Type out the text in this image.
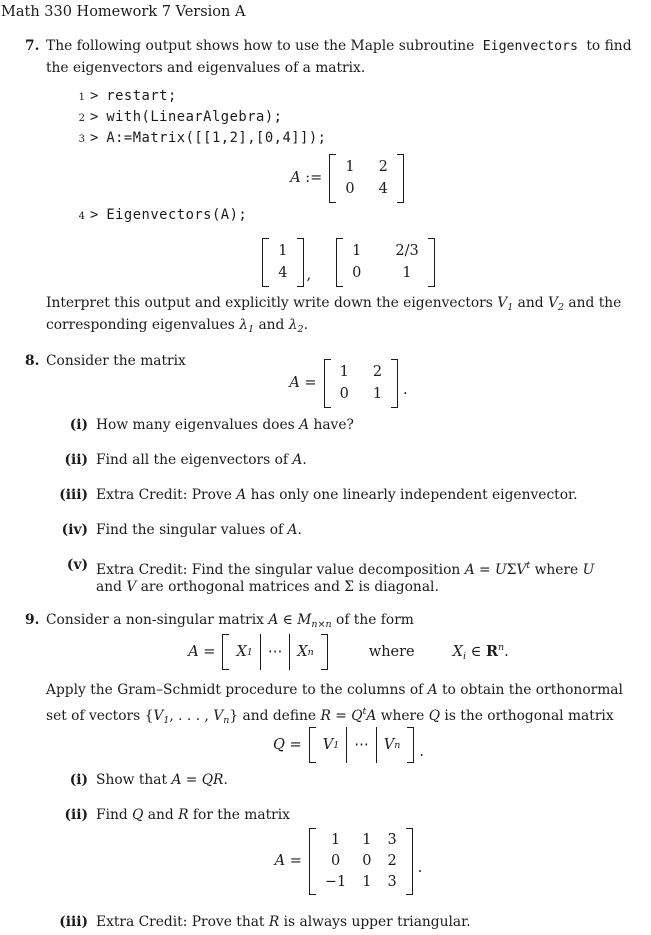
Math 330 Homework 7 Version A
7. The following output shows how to use the Maple subroutine Eigenvectors to find
the eigenvectors and eigenvalues of a matrix.
1 > restart;
2 > with(LinearAlgebra);
3 > A:=Matrix([[1,2],[0,4]]);
A :=
1 2
0 4
4 > Eigenvectors(A);
1
4 ,
1 2/3
0	1
Interpret this output and explicitly write down the eigenvectors $V_1$ and $V_2$ and the
corresponding eigenvalues $\lambda_1$ and $\lambda_2$.
8. Consider the matrix
A =
1 2
0 1 .
(i) How many eigenvalues does A have?
(ii) Find all the eigenvectors of A.
(iii) Extra Credit: Prove A has only one linearly independent eigenvector.
(iv) Find the singular values of A.
(v) Extra Credit: Find the singular value decomposition $A = U\Sigma V^t$ where U
and V are orthogonal matrices and Σ is diagonal.
9. Consider a non-singular matrix A ∈ $M_{n\times n}$ of the form
A = X 1 ⋯ X n	where	$X_i$ ∈ $R^n$.
Apply the Gram–Schmidt procedure to the columns of A to obtain the orthonormal
set of vectors {$V_1$, . . . , $V_n$} and define $R = Q^tA$ where Q is the orthogonal matrix
Q = V 1 ⋯ V n .
(i) Show that A = QR.
(ii) Find Q and R for the matrix
A =
1 1 3
0 0 2
−1 1 3
.
(iii) Extra Credit: Prove that R is always upper triangular.
